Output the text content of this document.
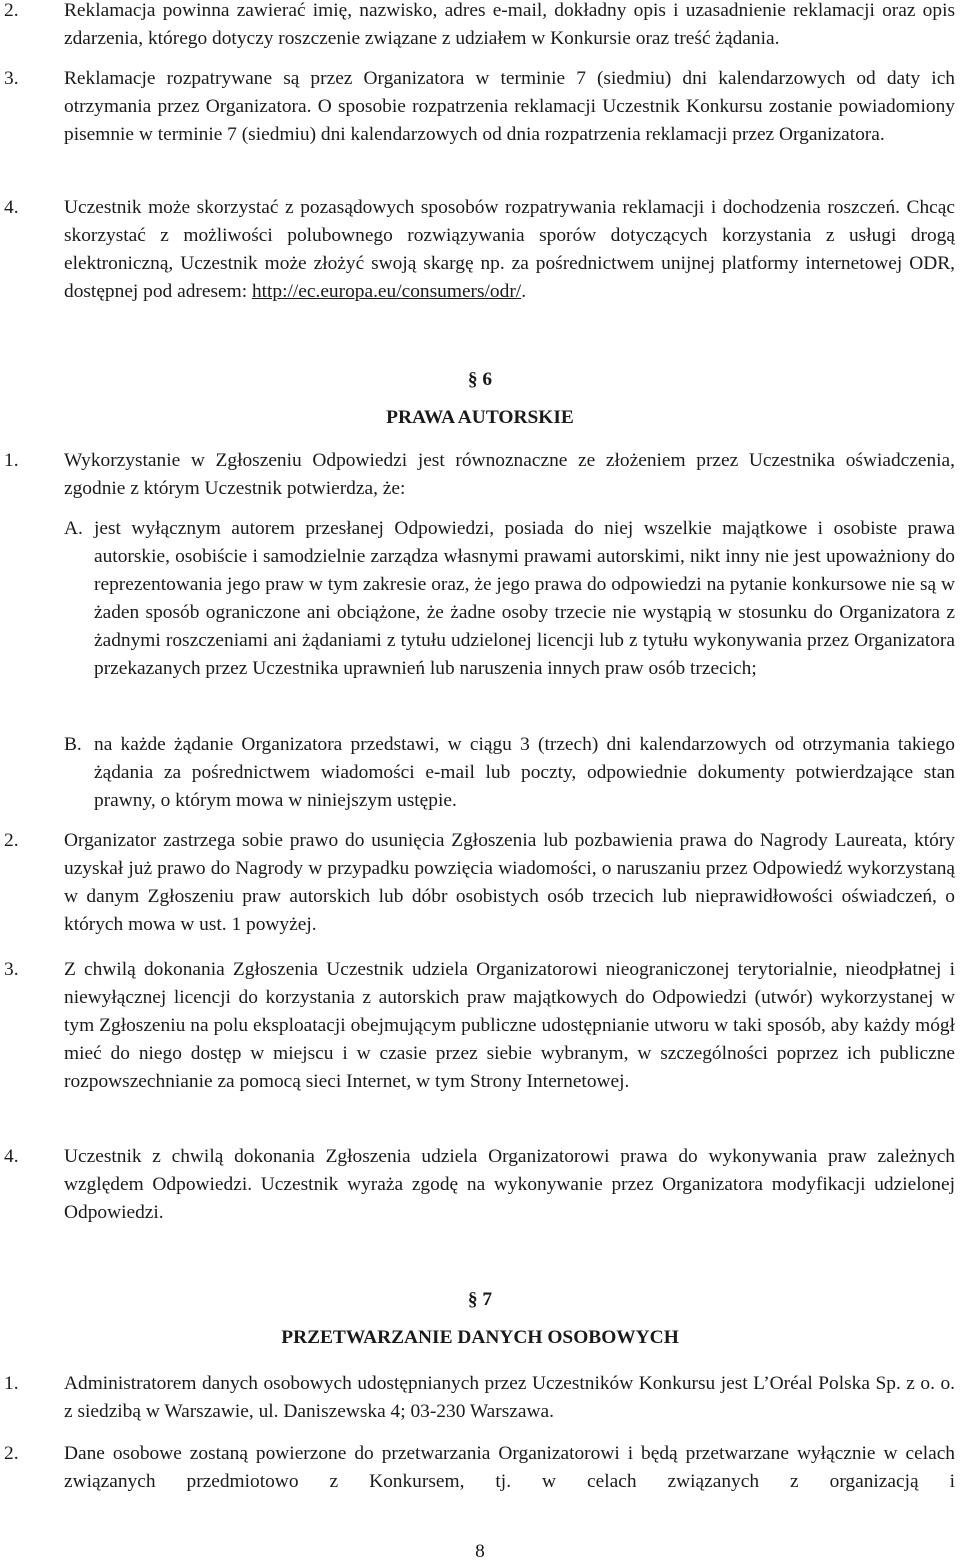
2. Reklamacja powinna zawierać imię, nazwisko, adres e-mail, dokładny opis i uzasadnienie reklamacji oraz opis zdarzenia, którego dotyczy roszczenie związane z udziałem w Konkursie oraz treść żądania.
3. Reklamacje rozpatrywane są przez Organizatora w terminie 7 (siedmiu) dni kalendarzowych od daty ich otrzymania przez Organizatora. O sposobie rozpatrzenia reklamacji Uczestnik Konkursu zostanie powiadomiony pisemnie w terminie 7 (siedmiu) dni kalendarzowych od dnia rozpatrzenia reklamacji przez Organizatora.
4. Uczestnik może skorzystać z pozasądowych sposobów rozpatrywania reklamacji i dochodzenia roszczeń. Chcąc skorzystać z możliwości polubownego rozwiązywania sporów dotyczących korzystania z usługi drogą elektroniczną, Uczestnik może złożyć swoją skargę np. za pośrednictwem unijnej platformy internetowej ODR, dostępnej pod adresem: http://ec.europa.eu/consumers/odr/.
§ 6
PRAWA AUTORSKIE
1. Wykorzystanie w Zgłoszeniu Odpowiedzi jest równoznaczne ze złożeniem przez Uczestnika oświadczenia, zgodnie z którym Uczestnik potwierdza, że:
A. jest wyłącznym autorem przesłanej Odpowiedzi, posiada do niej wszelkie majątkowe i osobiste prawa autorskie, osobiście i samodzielnie zarządza własnymi prawami autorskimi, nikt inny nie jest upoważniony do reprezentowania jego praw w tym zakresie oraz, że jego prawa do odpowiedzi na pytanie konkursowe nie są w żaden sposób ograniczone ani obciążone, że żadne osoby trzecie nie wystąpią w stosunku do Organizatora z żadnymi roszczeniami ani żądaniami z tytułu udzielonej licencji lub z tytułu wykonywania przez Organizatora przekazanych przez Uczestnika uprawnień lub naruszenia innych praw osób trzecich;
B. na każde żądanie Organizatora przedstawi, w ciągu 3 (trzech) dni kalendarzowych od otrzymania takiego żądania za pośrednictwem wiadomości e-mail lub poczty, odpowiednie dokumenty potwierdzające stan prawny, o którym mowa w niniejszym ustępie.
2. Organizator zastrzega sobie prawo do usunięcia Zgłoszenia lub pozbawienia prawa do Nagrody Laureata, który uzyskał już prawo do Nagrody w przypadku powzięcia wiadomości, o naruszaniu przez Odpowiedź wykorzystaną w danym Zgłoszeniu praw autorskich lub dóbr osobistych osób trzecich lub nieprawidłowości oświadczeń, o których mowa w ust. 1 powyżej.
3. Z chwilą dokonania Zgłoszenia Uczestnik udziela Organizatorowi nieograniczonej terytorialnie, nieodpłatnej i niewyłącznej licencji do korzystania z autorskich praw majątkowych do Odpowiedzi (utwór) wykorzystanej w tym Zgłoszeniu na polu eksploatacji obejmującym publiczne udostępnianie utworu w taki sposób, aby każdy mógł mieć do niego dostęp w miejscu i w czasie przez siebie wybranym, w szczególności poprzez ich publiczne rozpowszechnianie za pomocą sieci Internet, w tym Strony Internetowej.
4. Uczestnik z chwilą dokonania Zgłoszenia udziela Organizatorowi prawa do wykonywania praw zależnych względem Odpowiedzi. Uczestnik wyraża zgodę na wykonywanie przez Organizatora modyfikacji udzielonej Odpowiedzi.
§ 7
PRZETWARZANIE DANYCH OSOBOWYCH
1. Administratorem danych osobowych udostępnianych przez Uczestników Konkursu jest L’Oréal Polska Sp. z o. o. z siedzibą w Warszawie, ul. Daniszewska 4; 03-230 Warszawa.
2. Dane osobowe zostaną powierzone do przetwarzania Organizatorowi i będą przetwarzane wyłącznie w celach związanych przedmiotowo z Konkursem, tj. w celach związanych z organizacją i
8
